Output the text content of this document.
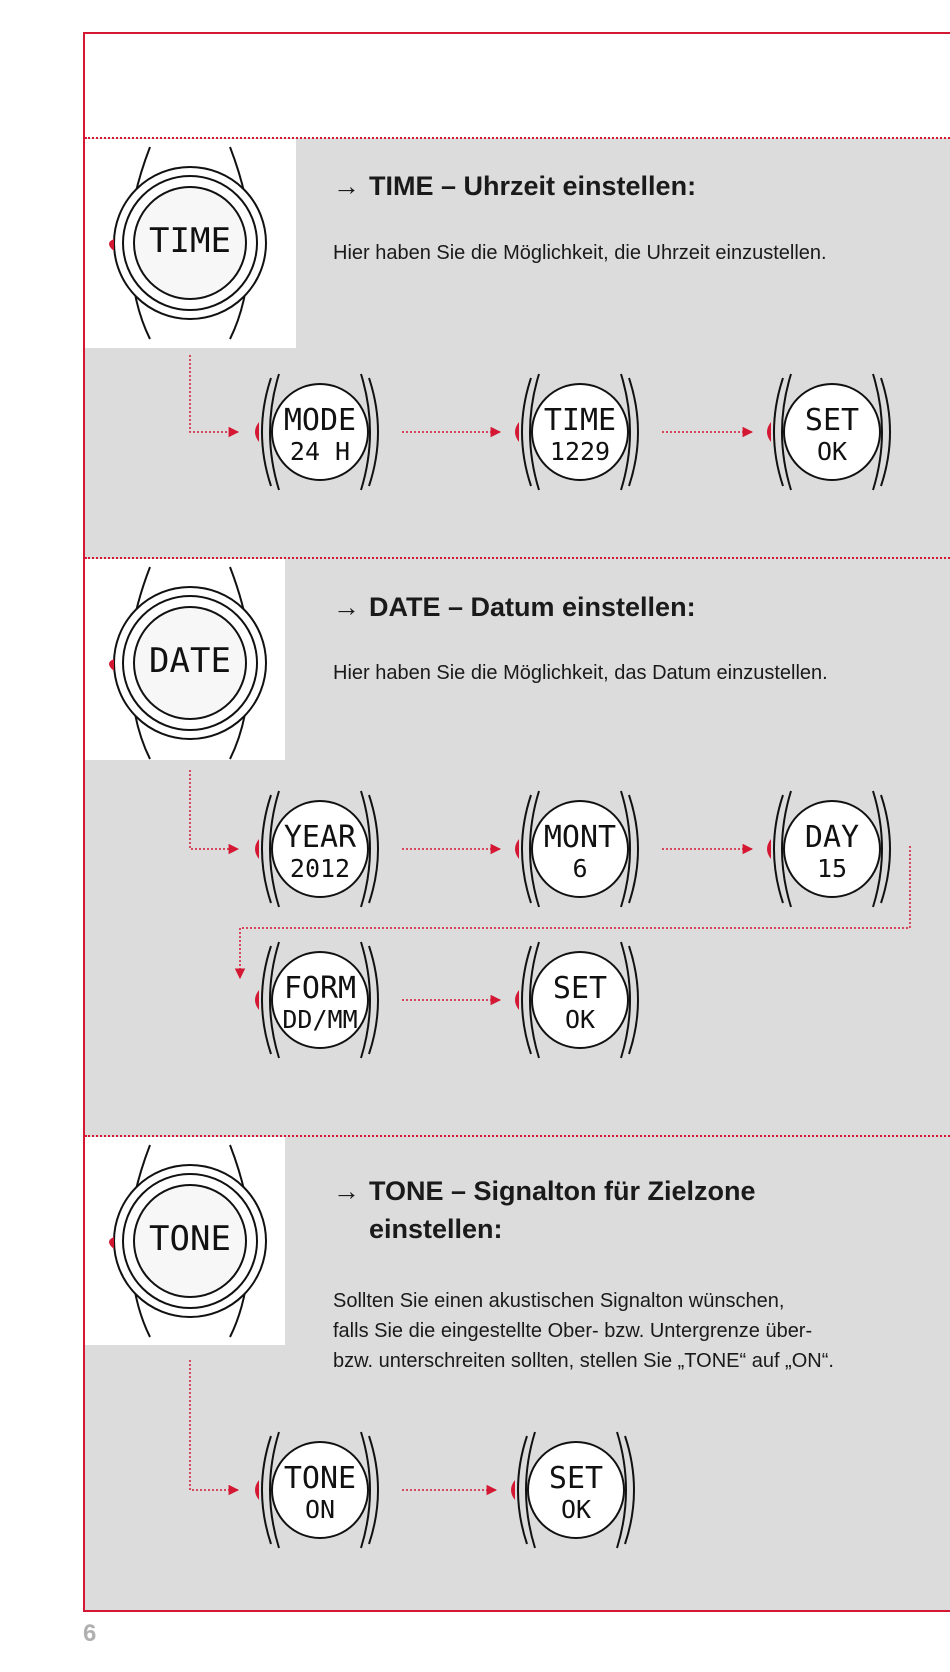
→ TIME – Uhrzeit einstellen:
Hier haben Sie die Möglichkeit, die Uhrzeit einzustellen.
→ DATE – Datum einstellen:
Hier haben Sie die Möglichkeit, das Datum einzustellen.
→ TONE – Signalton für Zielzone
einstellen:
Sollten Sie einen akustischen Signalton wünschen,
falls Sie die eingestellte Ober- bzw. Untergrenze über-
bzw. unterschreiten sollten, stellen Sie „TONE“ auf „ON“.
TIME
DATE
TONE
MODE
24 H
TIME
1229
SET
OK
YEAR
2012
MONT
6
DAY
15
FORM
DD/MM
SET
OK
TONE
ON
SET
OK
6
